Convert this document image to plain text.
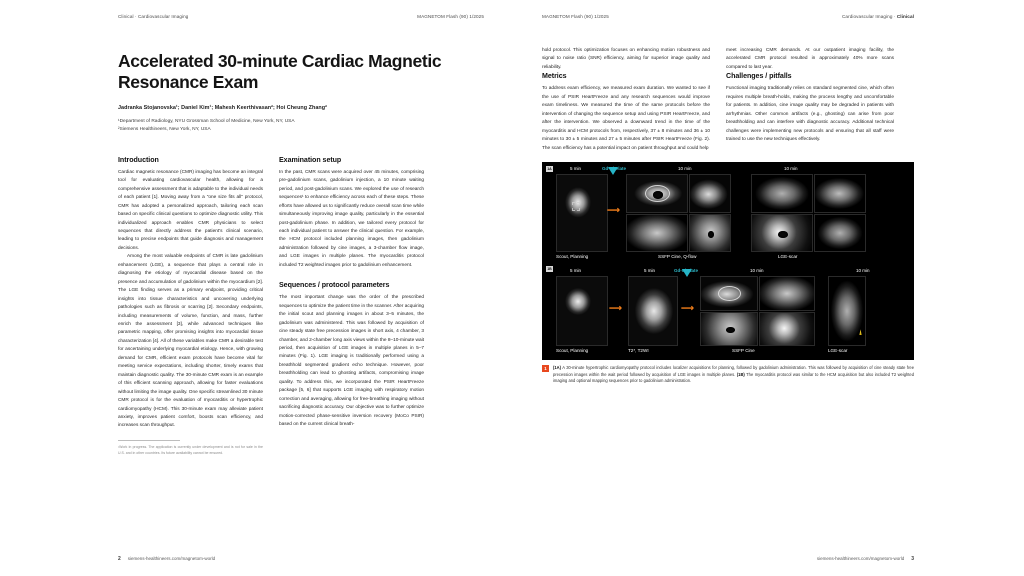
Clinical · Cardiovascular Imaging	MAGNETOM Flash (90) 1/2025
Accelerated 30-minute Cardiac Magnetic Resonance Exam
Jadranka Stojanovska¹; Daniel Kim¹; Mahesh Keerthivasan²; Hoi Cheung Zhang²
¹Department of Radiology, NYU Grossman School of Medicine, New York, NY, USA
²Siemens Healthineers, New York, NY, USA
Introduction

Cardiac magnetic resonance (CMR) imaging has become an integral tool for evaluating cardiovascular health, allowing for a comprehensive assessment that is adaptable to the individual needs of each patient [1]. Moving away from a "one size fits all" protocol, CMR has adopted a personalized approach, tailoring each scan based on specific clinical questions to optimize diagnostic utility. This individualized approach enables CMR physicians to select sequences that directly address the patient's clinical scenario, leading to precise endpoints that guide diagnosis and management decisions.

Among the most valuable endpoints of CMR is late gadolinium enhancement (LGE), a sequence that plays a central role in diagnosing the etiology of myocardial disease based on the presence and accumulation of gadolinium within the myocardium [2]. The LGE finding serves as a primary endpoint, providing critical insights into tissue characteristics and uncovering underlying pathologies such as fibrosis or scarring [2]. Secondary endpoints, including measurements of volume, function, and mass, further enrich the assessment [3], while advanced techniques like parametric mapping, offer promising insights into myocardial tissue characterization [4]. All of these variables make CMR a desirable test for ascertaining underlying myocardial etiology. Hence, with growing demand for CMR, efficient exam protocols have become vital for meeting service expectations, including shorter, timely exams that maintain diagnostic quality. The 30-minute CMR exam is an example of this efficient scanning approach, allowing for faster evaluations without limiting the image quality. One specific streamlined 30 minute CMR protocol is for the evaluation of myocarditis or hypertrophic cardiomyopathy (HCM). This 30-minute exam may alleviate patient anxiety, improves patient comfort, boosts scan efficiency, and increases scan throughput.

¹Work in progress. The application is currently under development and is not for sale in the U.S. and in other countries. Its future availability cannot be ensured.
Examination setup

In the past, CMR scans were acquired over 45 minutes, comprising pre-gadolinium scans, gadolinium injection, a 10 minute waiting period, and post-gadolinium scans. We explored the use of research sequences¹ to enhance efficiency across each of these steps. These efforts have allowed us to significantly reduce overall scan time while simultaneously improving image quality, particularly in the essential post-gadolinium phase. In addition, we tailored every protocol for each individual patient to answer the clinical question. For example, the HCM protocol included planning images, then gadolinium administration followed by cine images, a 3-chamber flow image, and LGE images in multiple planes. The myocarditis protocol included T2 weighted images prior to gadolinium enhancement.

Sequences / protocol parameters

The most important change was the order of the prescribed sequences to optimize the patient time in the scanner. After acquiring the initial scout and planning images in about 3–5 minutes, the gadolinium was administered. This was followed by acquisition of cine steady state free precession images in short axis, 4 chamber, 3 chamber, and 2-chamber long axis views within the 8–10-minute wait period, then acquisition of LGE images in multiple planes in 5–7 minutes (Fig. 1). LGE imaging is traditionally performed using a breathhold segmented gradient echo technique. However, poor breathholding can lead to ghosting artifacts, compromising image quality. To address this, we incorporated the PSIR HeartFreeze package [5, 6] that supports LGE imaging with respiratory motion correction and averaging, allowing for free-breathing imaging without sacrificing diagnostic accuracy. Our objective was to further optimize motion-corrected phase-sensitive inversion recovery (MoCo PSIR) based on the current clinical breath-

2 siemens-healthineers.com/magnetom-world
MAGNETOM Flash (90) 1/2025	Cardiovascular Imaging · Clinical

hold protocol. This optimization focuses on enhancing motion robustness and signal to noise ratio (SNR) efficiency, aiming for superior image quality and reliability.

Metrics

To address exam efficiency, we measured exam duration. We wanted to see if the use of PSIR HeartFreeze and any research sequences would improve exam timeliness. We measured the time of the same protocols before the intervention of changing the sequence setup and using PSIR HeartFreeze, and after the intervention. We observed a downward trend in the time of the myocarditis and HCM protocols from, respectively, 37 ± 8 minutes and 36 ± 10 minutes to 30 ± 5 minutes and 27 ± 5 minutes after PSIR HeartFreeze (Fig. 2). The scan efficiency has a potential impact on patient throughput and could help

meet increasing CMR demands. At our outpatient imaging facility, the accelerated CMR protocol resulted in approximately 40% more scans compared to last year.

Challenges / pitfalls

Functional imaging traditionally relies on standard segmented cine, which often requires multiple breath-holds, making the process lengthy and uncomfortable for patients. In addition, cine image quality may be degraded in patients with arrhythmias. Other common artifacts (e.g., ghosting) can arise from poor breathholding and can interfere with diagnostic accuracy. Additional technical challenges were implementing new protocols and ensuring that all staff were trained to use the new techniques effectively.

1A	5 min	Gd-Chelate	10 min	10 min
⟶
Scout, Planning	SSFP Cine, Q-flow	LGE-scar
1B	5 min	5 min	Gd-Chelate	10 min	10 min
⟶	⟶
Scout, Planning	T2*, T2WI	SSFP Cine	LGE-scar
1	(1A) A 30-minute hypertrophic cardiomyopathy protocol includes localizer acquisitions for planning, followed by gadolinium administration. This was followed by acquisition of cine steady state free precession images within the wait period followed by acquisition of LGE images in multiple planes. (1B) The myocarditis protocol was similar to the HCM acquisition but also included T2 weighted imaging and optional mapping sequences prior to gadolinium administration.
siemens-healthineers.com/magnetom-world 3
